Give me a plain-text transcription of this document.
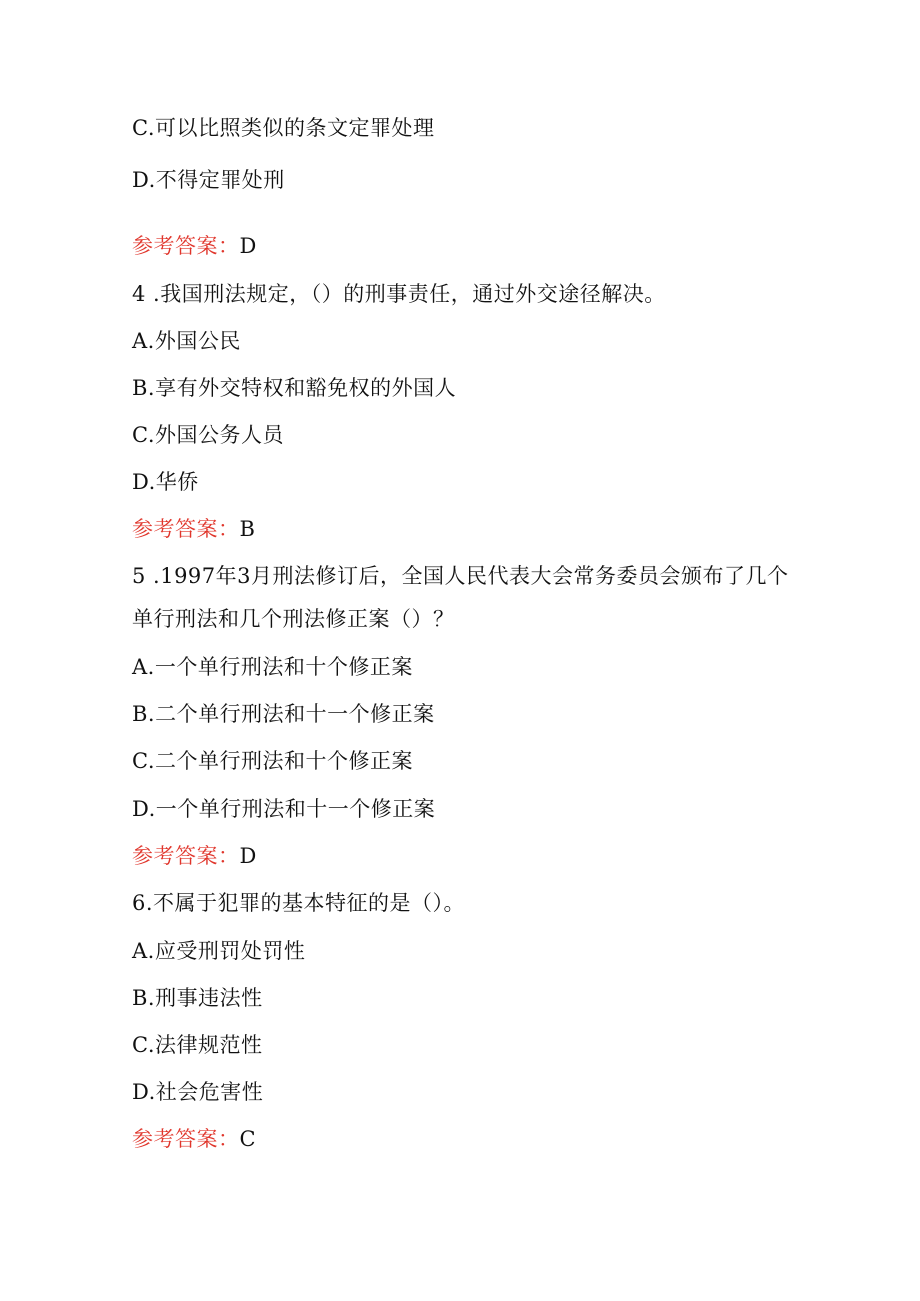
C.可以比照类似的条文定罪处理
D.不得定罪处刑
参考答案：D
4 .我国刑法规定，（）的刑事责任，通过外交途径解决。
A.外国公民
B.享有外交特权和豁免权的外国人
C.外国公务人员
D.华侨
参考答案：B
5 .1997年3月刑法修订后，全国人民代表大会常务委员会颁布了几个
单行刑法和几个刑法修正案（）？
A.一个单行刑法和十个修正案
B.二个单行刑法和十一个修正案
C.二个单行刑法和十个修正案
D.一个单行刑法和十一个修正案
参考答案：D
6.不属于犯罪的基本特征的是（）。
A.应受刑罚处罚性
B.刑事违法性
C.法律规范性
D.社会危害性
参考答案：C
